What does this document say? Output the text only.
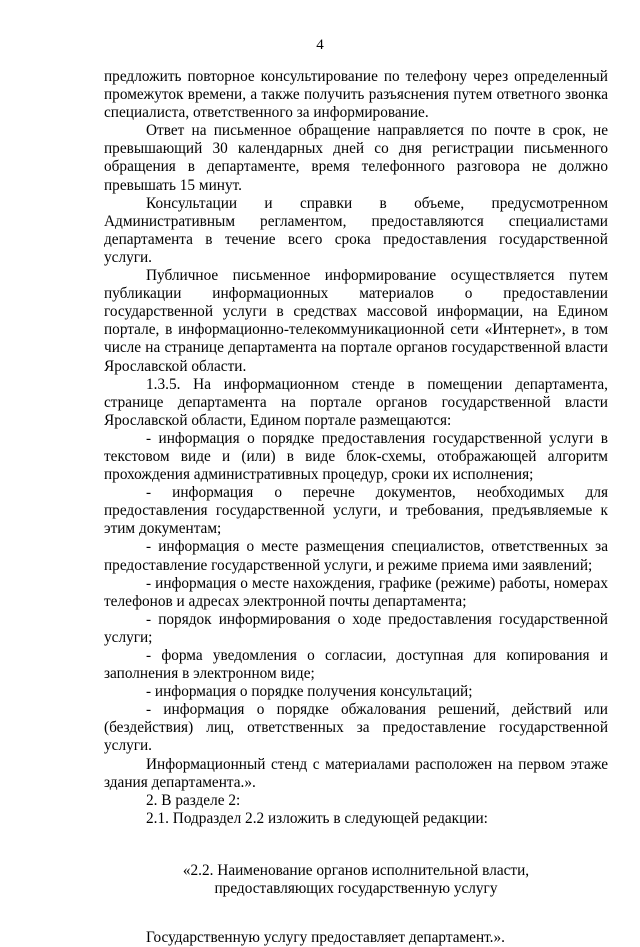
4

предложить повторное консультирование по телефону через определенный промежуток времени, а также получить разъяснения путем ответного звонка специалиста, ответственного за информирование.

Ответ на письменное обращение направляется по почте в срок, не превышающий 30 календарных дней со дня регистрации письменного обращения в департаменте, время телефонного разговора не должно превышать 15 минут.

Консультации и справки в объеме, предусмотренном Административным регламентом, предоставляются специалистами департамента в течение всего срока предоставления государственной услуги.

Публичное письменное информирование осуществляется путем публикации информационных материалов о предоставлении государственной услуги в средствах массовой информации, на Едином портале, в информационно-телекоммуникационной сети «Интернет», в том числе на странице департамента на портале органов государственной власти Ярославской области.

1.3.5. На информационном стенде в помещении департамента, странице департамента на портале органов государственной власти Ярославской области, Едином портале размещаются:

- информация о порядке предоставления государственной услуги в текстовом виде и (или) в виде блок-схемы, отображающей алгоритм прохождения административных процедур, сроки их исполнения;

- информация о перечне документов, необходимых для предоставления государственной услуги, и требования, предъявляемые к этим документам;

- информация о месте размещения специалистов, ответственных за предоставление государственной услуги, и режиме приема ими заявлений;

- информация о месте нахождения, графике (режиме) работы, номерах телефонов и адресах электронной почты департамента;

- порядок информирования о ходе предоставления государственной услуги;

- форма уведомления о согласии, доступная для копирования и заполнения в электронном виде;

- информация о порядке получения консультаций;

- информация о порядке обжалования решений, действий или (бездействия) лиц, ответственных за предоставление государственной услуги.

Информационный стенд с материалами расположен на первом этаже здания департамента.».

2. В разделе 2:

2.1. Подраздел 2.2 изложить в следующей редакции:

«2.2. Наименование органов исполнительной власти,

предоставляющих государственную услугу

Государственную услугу предоставляет департамент.».
